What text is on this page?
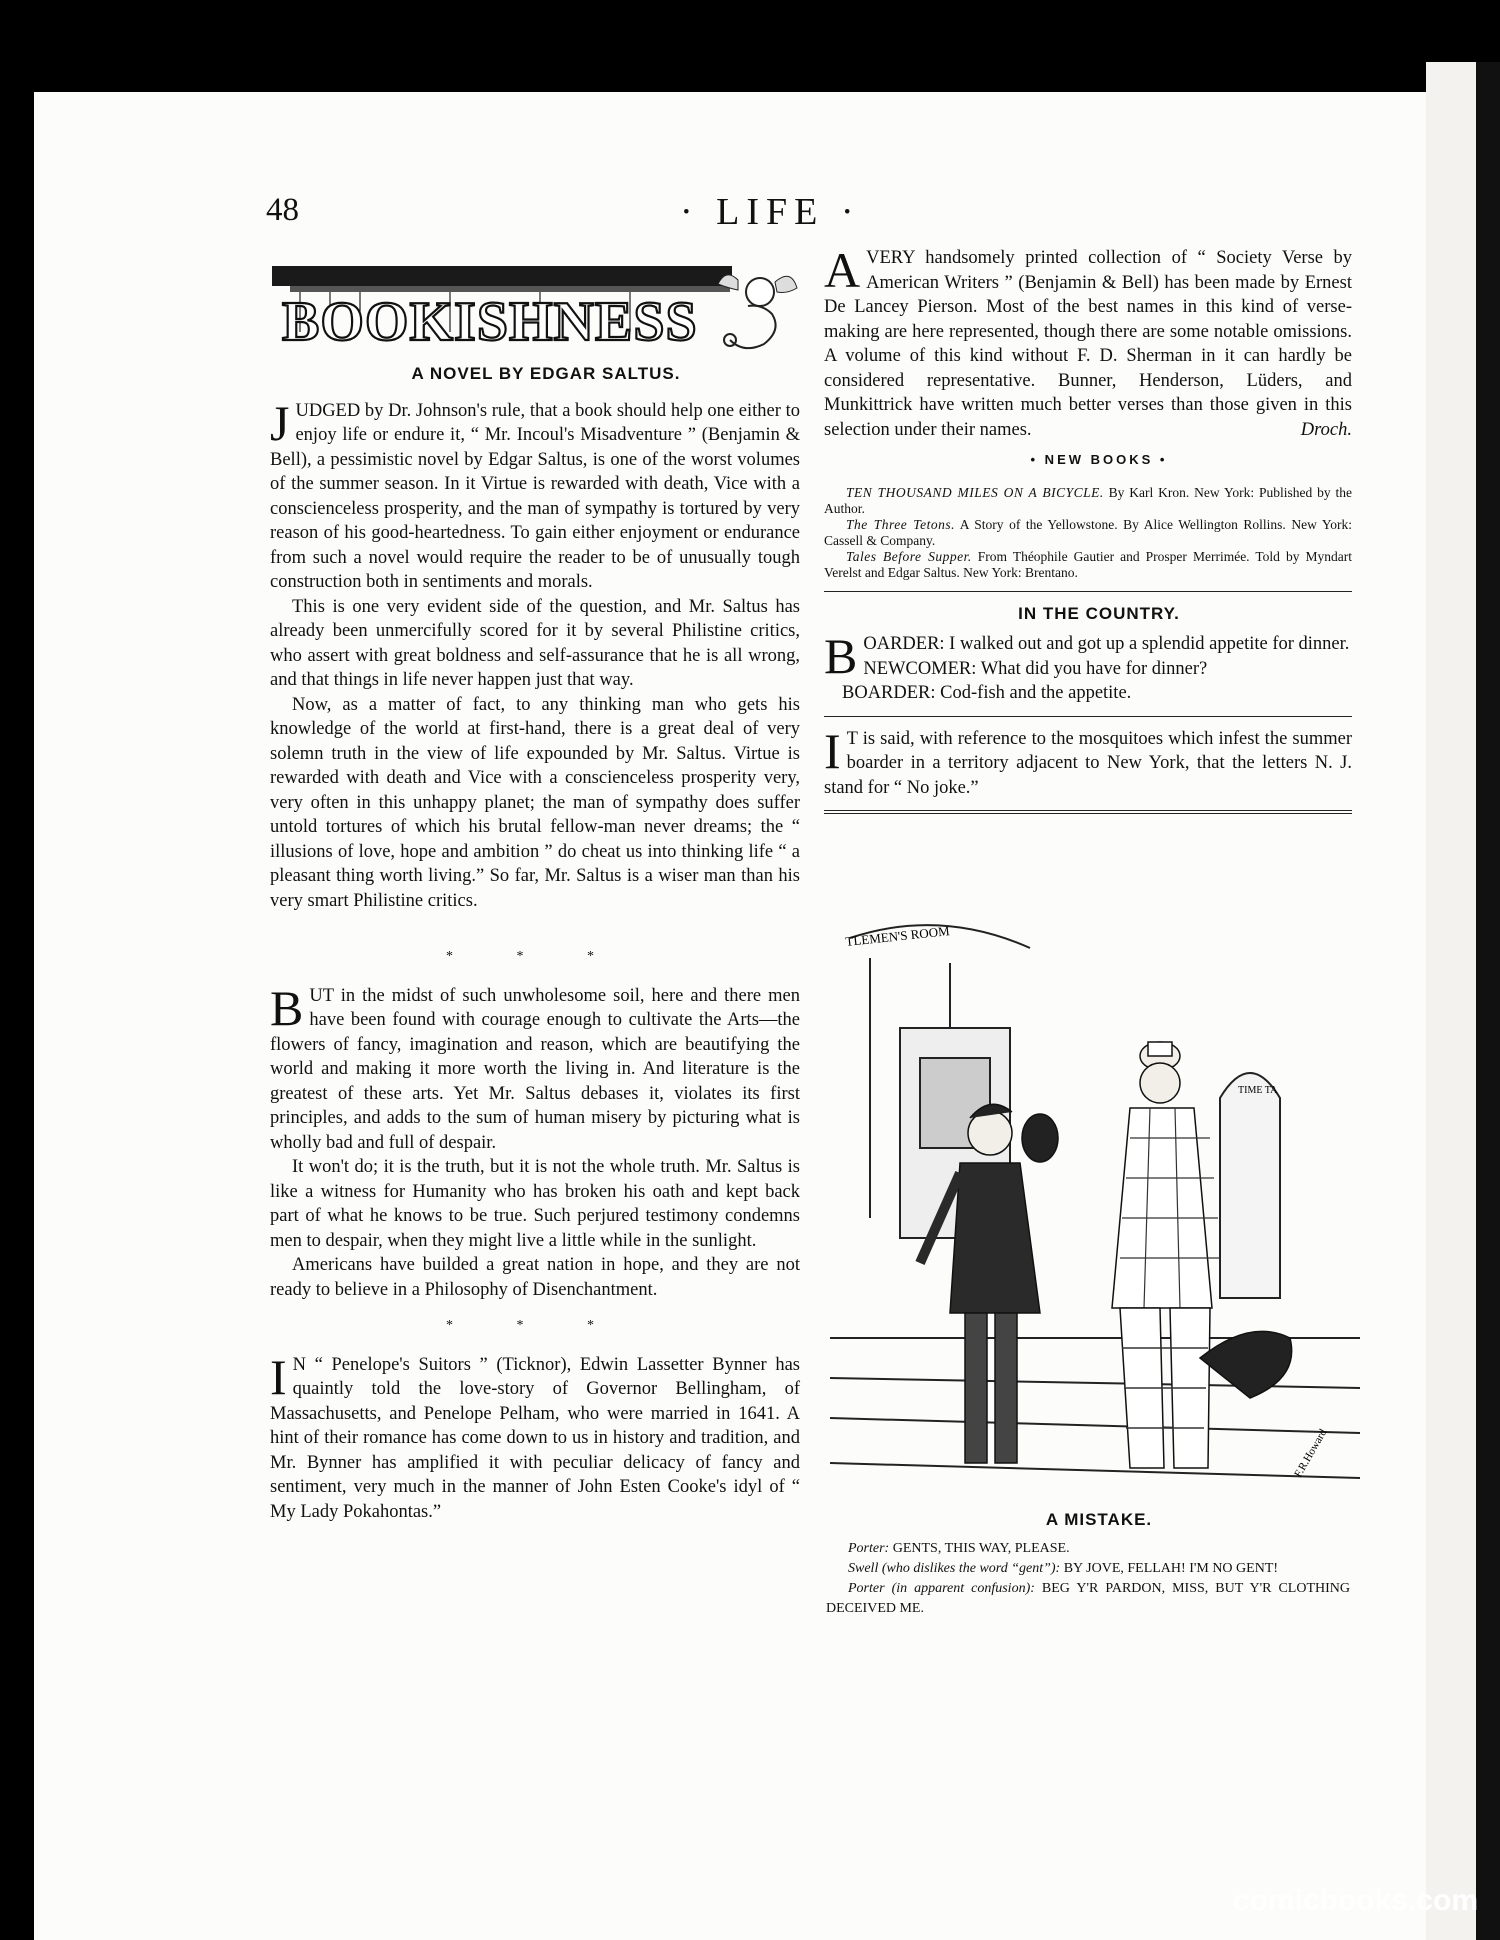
48	· LIFE ·
BOOKISHNESS

A NOVEL BY EDGAR SALTUS.

JUDGED by Dr. Johnson's rule, that a book should help one either to enjoy life or endure it, “ Mr. Incoul's Misadventure ” (Benjamin & Bell), a pessimistic novel by Edgar Saltus, is one of the worst volumes of the summer season. In it Virtue is rewarded with death, Vice with a conscienceless prosperity, and the man of sympathy is tortured by very reason of his good-heartedness. To gain either enjoyment or endurance from such a novel would require the reader to be of unusually tough construction both in sentiments and morals.

This is one very evident side of the question, and Mr. Saltus has already been unmercifully scored for it by several Philistine critics, who assert with great boldness and self-assurance that he is all wrong, and that things in life never happen just that way.

Now, as a matter of fact, to any thinking man who gets his knowledge of the world at first-hand, there is a great deal of very solemn truth in the view of life expounded by Mr. Saltus. Virtue is rewarded with death and Vice with a conscienceless prosperity very, very often in this unhappy planet; the man of sympathy does suffer untold tortures of which his brutal fellow-man never dreams; the “ illusions of love, hope and ambition ” do cheat us into thinking life “ a pleasant thing worth living.” So far, Mr. Saltus is a wiser man than his very smart Philistine critics.

* * *

BUT in the midst of such unwholesome soil, here and there men have been found with courage enough to cultivate the Arts—the flowers of fancy, imagination and reason, which are beautifying the world and making it more worth the living in. And literature is the greatest of these arts. Yet Mr. Saltus debases it, violates its first principles, and adds to the sum of human misery by picturing what is wholly bad and full of despair.

It won't do; it is the truth, but it is not the whole truth. Mr. Saltus is like a witness for Humanity who has broken his oath and kept back part of what he knows to be true. Such perjured testimony condemns men to despair, when they might live a little while in the sunlight.

Americans have builded a great nation in hope, and they are not ready to believe in a Philosophy of Disenchantment.

* * *

I N “ Penelope's Suitors ” (Ticknor), Edwin Lassetter Bynner has quaintly told the love-story of Governor Bellingham, of Massachusetts, and Penelope Pelham, who were married in 1641. A hint of their romance has come down to us in history and tradition, and Mr. Bynner has amplified it with peculiar delicacy of fancy and sentiment, very much in the manner of John Esten Cooke's idyl of “ My Lady Pokahontas.”

AVERY handsomely printed collection of “ Society Verse by American Writers ” (Benjamin & Bell) has been made by Ernest De Lancey Pierson. Most of the best names in this kind of verse-making are here represented, though there are some notable omissions. A volume of this kind without F. D. Sherman in it can hardly be considered representative. Bunner, Henderson, Lüders, and Munkittrick have written much better verses than those given in this selection under their names.	Droch.

• NEW BOOKS •

TEN THOUSAND MILES ON A BICYCLE. By Karl Kron. New York: Published by the Author.

The Three Tetons. A Story of the Yellowstone. By Alice Wellington Rollins. New York: Cassell & Company.

Tales Before Supper. From Théophile Gautier and Prosper Merrimée. Told by Myndart Verelst and Edgar Saltus. New York: Brentano.

IN THE COUNTRY.

BOARDER: I walked out and got up a splendid appetite for dinner.

NEWCOMER: What did you have for dinner?

BOARDER: Cod-fish and the appetite.

I T is said, with reference to the mosquitoes which infest the summer boarder in a territory adjacent to New York, that the letters N. J. stand for “ No joke.”

TLEMEN'S ROOM
TIME TA
F.R.Howard

A MISTAKE.

Porter: GENTS, THIS WAY, PLEASE.

Swell (who dislikes the word “gent”): BY JOVE, FELLAH! I'M NO GENT!

Porter (in apparent confusion): BEG Y'R PARDON, MISS, BUT Y'R CLOTHING DECEIVED ME.

comicbooks.com
